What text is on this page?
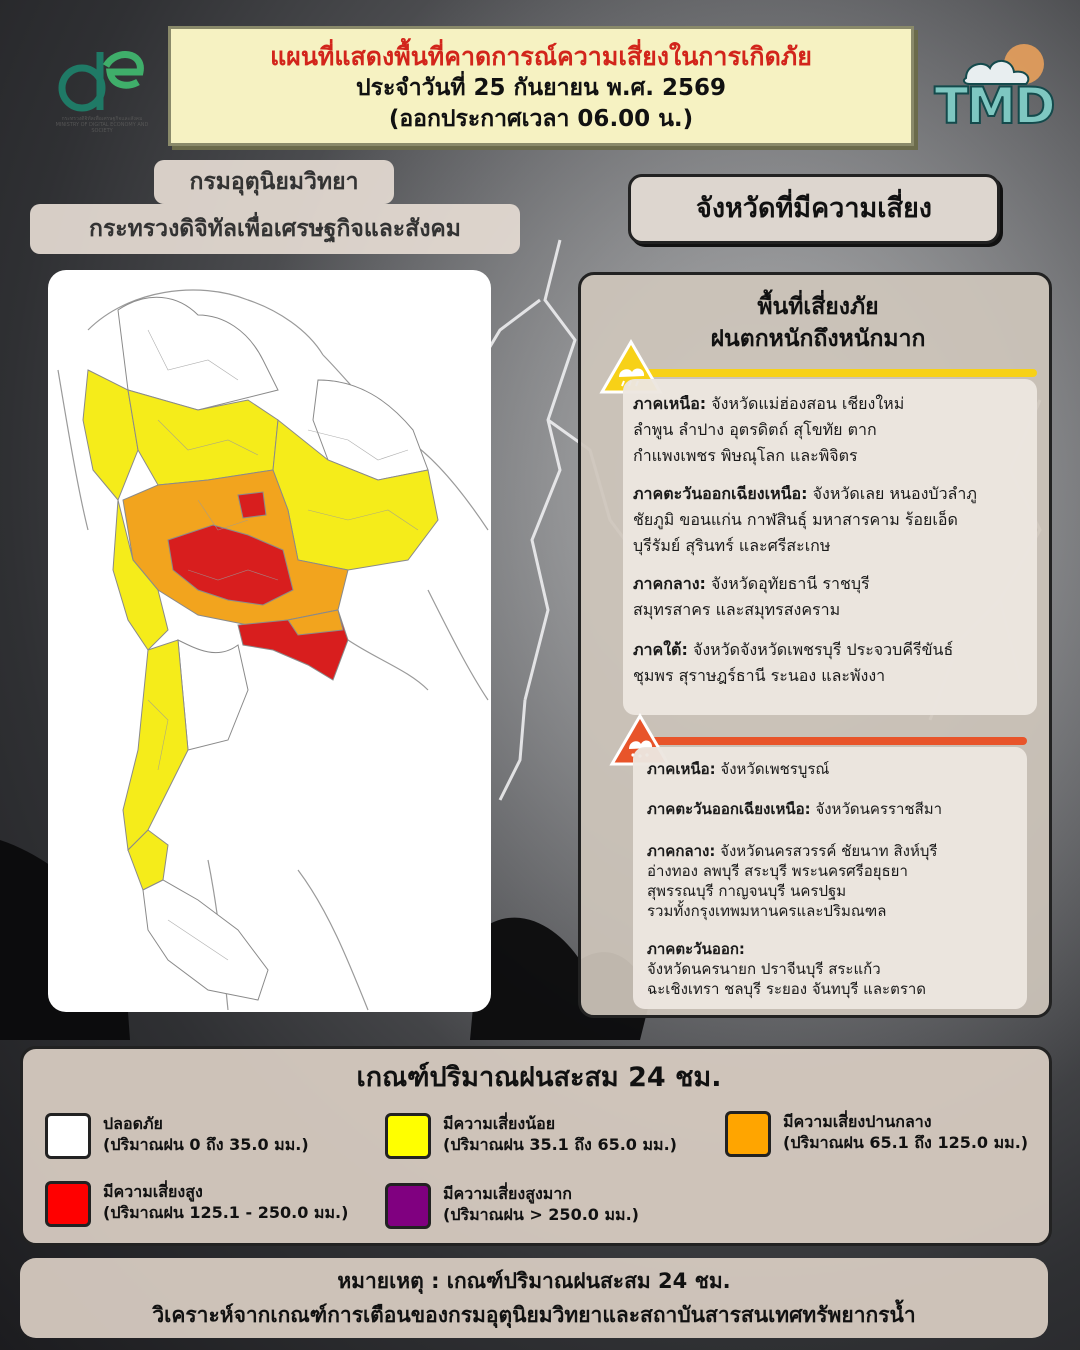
กระทรวงดิจิทัลเพื่อเศรษฐกิจและสังคม MINISTRY OF DIGITAL ECONOMY AND SOCIETY
แผนที่แสดงพื้นที่คาดการณ์ความเสี่ยงในการเกิดภัย
ประจำวันที่ 25 กันยายน พ.ศ. 2569
(ออกประกาศเวลา 06.00 น.)	TMD
กรมอุตุนิยมวิทยา
กระทรวงดิจิทัลเพื่อเศรษฐกิจและสังคม
จังหวัดที่มีความเสี่ยง
พื้นที่เสี่ยงภัย
ฝนตกหนักถึงหนักมาก
ภาคเหนือ: จังหวัดแม่ฮ่องสอน เชียงใหม่
ลำพูน ลำปาง อุตรดิตถ์ สุโขทัย ตาก
กำแพงเพชร พิษณุโลก และพิจิตร
ภาคตะวันออกเฉียงเหนือ: จังหวัดเลย หนองบัวลำภู
ชัยภูมิ ขอนแก่น กาฬสินธุ์ มหาสารคาม ร้อยเอ็ด
บุรีรัมย์ สุรินทร์ และศรีสะเกษ
ภาคกลาง: จังหวัดอุทัยธานี ราชบุรี
สมุทรสาคร และสมุทรสงคราม
ภาคใต้: จังหวัดจังหวัดเพชรบุรี ประจวบคีรีขันธ์
ชุมพร สุราษฎร์ธานี ระนอง และพังงา
ภาคเหนือ: จังหวัดเพชรบูรณ์
ภาคตะวันออกเฉียงเหนือ: จังหวัดนครราชสีมา
ภาคกลาง: จังหวัดนครสวรรค์ ชัยนาท สิงห์บุรี
อ่างทอง ลพบุรี สระบุรี พระนครศรีอยุธยา
สุพรรณบุรี กาญจนบุรี นครปฐม
รวมทั้งกรุงเทพมหานครและปริมณฑล
ภาคตะวันออก:
จังหวัดนครนายก ปราจีนบุรี สระแก้ว
ฉะเชิงเทรา ชลบุรี ระยอง จันทบุรี และตราด
เกณฑ์ปริมาณฝนสะสม 24 ชม.
ปลอดภัย
(ปริมาณฝน 0 ถึง 35.0 มม.)
มีความเสี่ยงน้อย
(ปริมาณฝน 35.1 ถึง 65.0 มม.)
มีความเสี่ยงปานกลาง
(ปริมาณฝน 65.1 ถึง 125.0 มม.)
มีความเสี่ยงสูง
(ปริมาณฝน 125.1 - 250.0 มม.)
มีความเสี่ยงสูงมาก
(ปริมาณฝน > 250.0 มม.)
หมายเหตุ : เกณฑ์ปริมาณฝนสะสม 24 ชม.
วิเคราะห์จากเกณฑ์การเตือนของกรมอุตุนิยมวิทยาและสถาบันสารสนเทศทรัพยากรน้ำ
